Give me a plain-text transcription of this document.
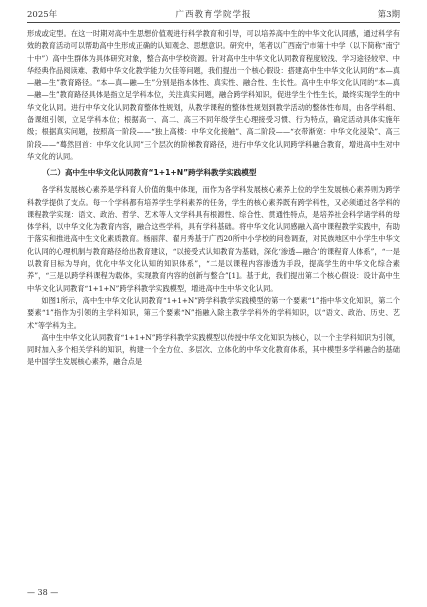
2025年	广西教育学院学报	第3期

形成或定型。在这一时期对高中生思想价值观进行科学教育和引导，可以培养高中生的中华文化认同感，通过科学有效的教育活动可以帮助高中生形成正确的认知观念、思想意识。研究中，笔者以广西南宁市第十中学（以下简称“南宁十中”）高中生群体为具体研究对象，整合高中学校资源。针对高中生中华文化认同教育程度较浅、学习途径较窄、中华经典作品阅读难、教师中华文化教学能力欠佳等问题，我们提出一个核心假设：搭建高中生中华文化认同的“本—真—融—生”教育路径。“本—真—融—生”分别是指本体性、真实性、融合性、生长性。高中生中华文化认同的“本—真—融—生”教育路径具体是指立足学科本位，关注真实问题，融合跨学科知识，促进学生个性生长，最终实现学生的中华文化认同。进行中华文化认同教育整体性规划，从教学课程的整体性规划到教学活动的整体性布局，由各学科组、备课组引领，立足学科本位；根据高一、高二、高三不同年级学生心理接受习惯、行为特点，确定活动具体实施年级；根据真实问题，按照高一阶段——“独上高楼：中华文化接触”、高二阶段——“衣带渐宽：中华文化浸染”、高三阶段——“蓦然回首：中华文化认同”三个层次的阶梯教育路径，进行中华文化认同跨学科融合教育，增进高中生对中华文化的认同。

（二）高中生中华文化认同教育“1+1+N”跨学科教学实践模型

各学科发展核心素养是学科育人价值的集中体现，而作为各学科发展核心素养上位的学生发展核心素养则为跨学科教学提供了支点。每一个学科都有培养学生学科素养的任务，学生的核心素养既有跨学科性，又必须通过各学科的课程教学实现：语文、政治、哲学、艺术等人文学科具有根源性、综合性、贯通性特点，是培养社会科学诸学科的母体学科，以中华文化为教育内容，融合这些学科，具有学科基础。将中华文化认同感融入高中课程教学实践中，有助于落实和推进高中生文化素质教育。杨丽萍、翟月秀基于广西20所中小学校的问卷调查，对民族地区中小学生中华文化认同的心理机制与教育路径给出教育建议，“以接受式认知教育为基础，深化‘渗透—融合’的课程育人体系”，“一是以教育目标为导向，优化中华文化认知的知识体系”，“二是以课程内容渗透为手段，提高学生的中华文化综合素养”，“三是以跨学科课程为载体，实现教育内容的创新与整合”[1]。基于此，我们提出第二个核心假设：设计高中生中华文化认同教育“1+1+N”跨学科教学实践模型，增进高中生中华文化认同。

如图1所示，高中生中华文化认同教育“1+1+N”跨学科教学实践模型的第一个要素“1”指中华文化知识，第二个要素“1”指作为引领的主学科知识，第三个要素“N”指融入除主教学学科外的学科知识，以“语文、政治、历史、艺术”等学科为主。

高中生中华文化认同教育“1+1+N”跨学科教学实践模型以传授中华文化知识为核心，以一个主学科知识为引领，同时加入多个相关学科的知识，构建一个全方位、多层次、立体化的中华文化教育体系，其中模型多学科融合的基础是中国学生发展核心素养，融合点是

— 38 —
